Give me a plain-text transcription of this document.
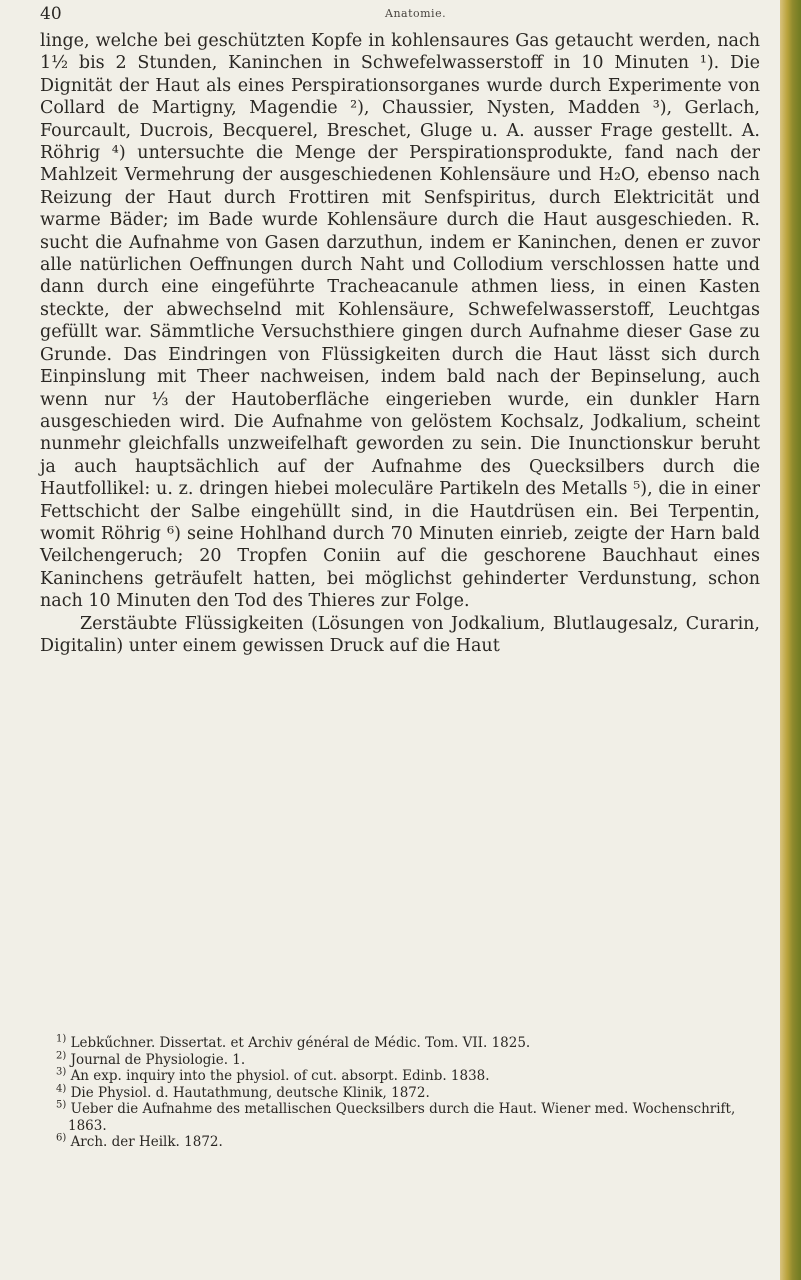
40	Anatomie.

linge, welche bei geschützten Kopfe in kohlensaures Gas getaucht werden, nach 1½ bis 2 Stunden, Kaninchen in Schwefelwasserstoff in 10 Minuten ¹). Die Dignität der Haut als eines Perspirationsorganes wurde durch Experimente von Collard de Martigny, Magendie ²), Chaussier, Nysten, Madden ³), Gerlach, Fourcault, Ducrois, Becquerel, Breschet, Gluge u. A. ausser Frage gestellt. A. Röhrig ⁴) untersuchte die Menge der Perspirationsprodukte, fand nach der Mahlzeit Vermehrung der ausgeschiedenen Kohlensäure und H₂O, ebenso nach Reizung der Haut durch Frottiren mit Senfspiritus, durch Elektricität und warme Bäder; im Bade wurde Kohlensäure durch die Haut ausgeschieden. R. sucht die Aufnahme von Gasen darzuthun, indem er Kaninchen, denen er zuvor alle natürlichen Oeffnungen durch Naht und Collodium verschlossen hatte und dann durch eine eingeführte Tracheacanule athmen liess, in einen Kasten steckte, der abwechselnd mit Kohlensäure, Schwefelwasserstoff, Leuchtgas gefüllt war. Sämmtliche Versuchsthiere gingen durch Aufnahme dieser Gase zu Grunde. Das Eindringen von Flüssigkeiten durch die Haut lässt sich durch Einpinslung mit Theer nachweisen, indem bald nach der Bepinselung, auch wenn nur ⅓ der Hautoberfläche eingerieben wurde, ein dunkler Harn ausgeschieden wird. Die Aufnahme von gelöstem Kochsalz, Jodkalium, scheint nunmehr gleichfalls unzweifelhaft geworden zu sein. Die Inunctionskur beruht ja auch hauptsächlich auf der Aufnahme des Quecksilbers durch die Hautfollikel: u. z. dringen hiebei moleculäre Partikeln des Metalls ⁵), die in einer Fettschicht der Salbe eingehüllt sind, in die Hautdrüsen ein. Bei Terpentin, womit Röhrig ⁶) seine Hohlhand durch 70 Minuten einrieb, zeigte der Harn bald Veilchengeruch; 20 Tropfen Coniin auf die geschorene Bauchhaut eines Kaninchens geträufelt hatten, bei möglichst gehinderter Verdunstung, schon nach 10 Minuten den Tod des Thieres zur Folge.

Zerstäubte Flüssigkeiten (Lösungen von Jodkalium, Blutlaugesalz, Curarin, Digitalin) unter einem gewissen Druck auf die Haut

$^{1)}$ Lebkűchner. Dissertat. et Archiv général de Médic. Tom. VII. 1825.

$^{2)}$ Journal de Physiologie. 1.

$^{3)}$ An exp. inquiry into the physiol. of cut. absorpt. Edinb. 1838.

$^{4)}$ Die Physiol. d. Hautathmung, deutsche Klinik, 1872.

$^{5)}$ Ueber die Aufnahme des metallischen Quecksilbers durch die Haut. Wiener med. Wochenschrift, 1863.

$^{6)}$ Arch. der Heilk. 1872.
